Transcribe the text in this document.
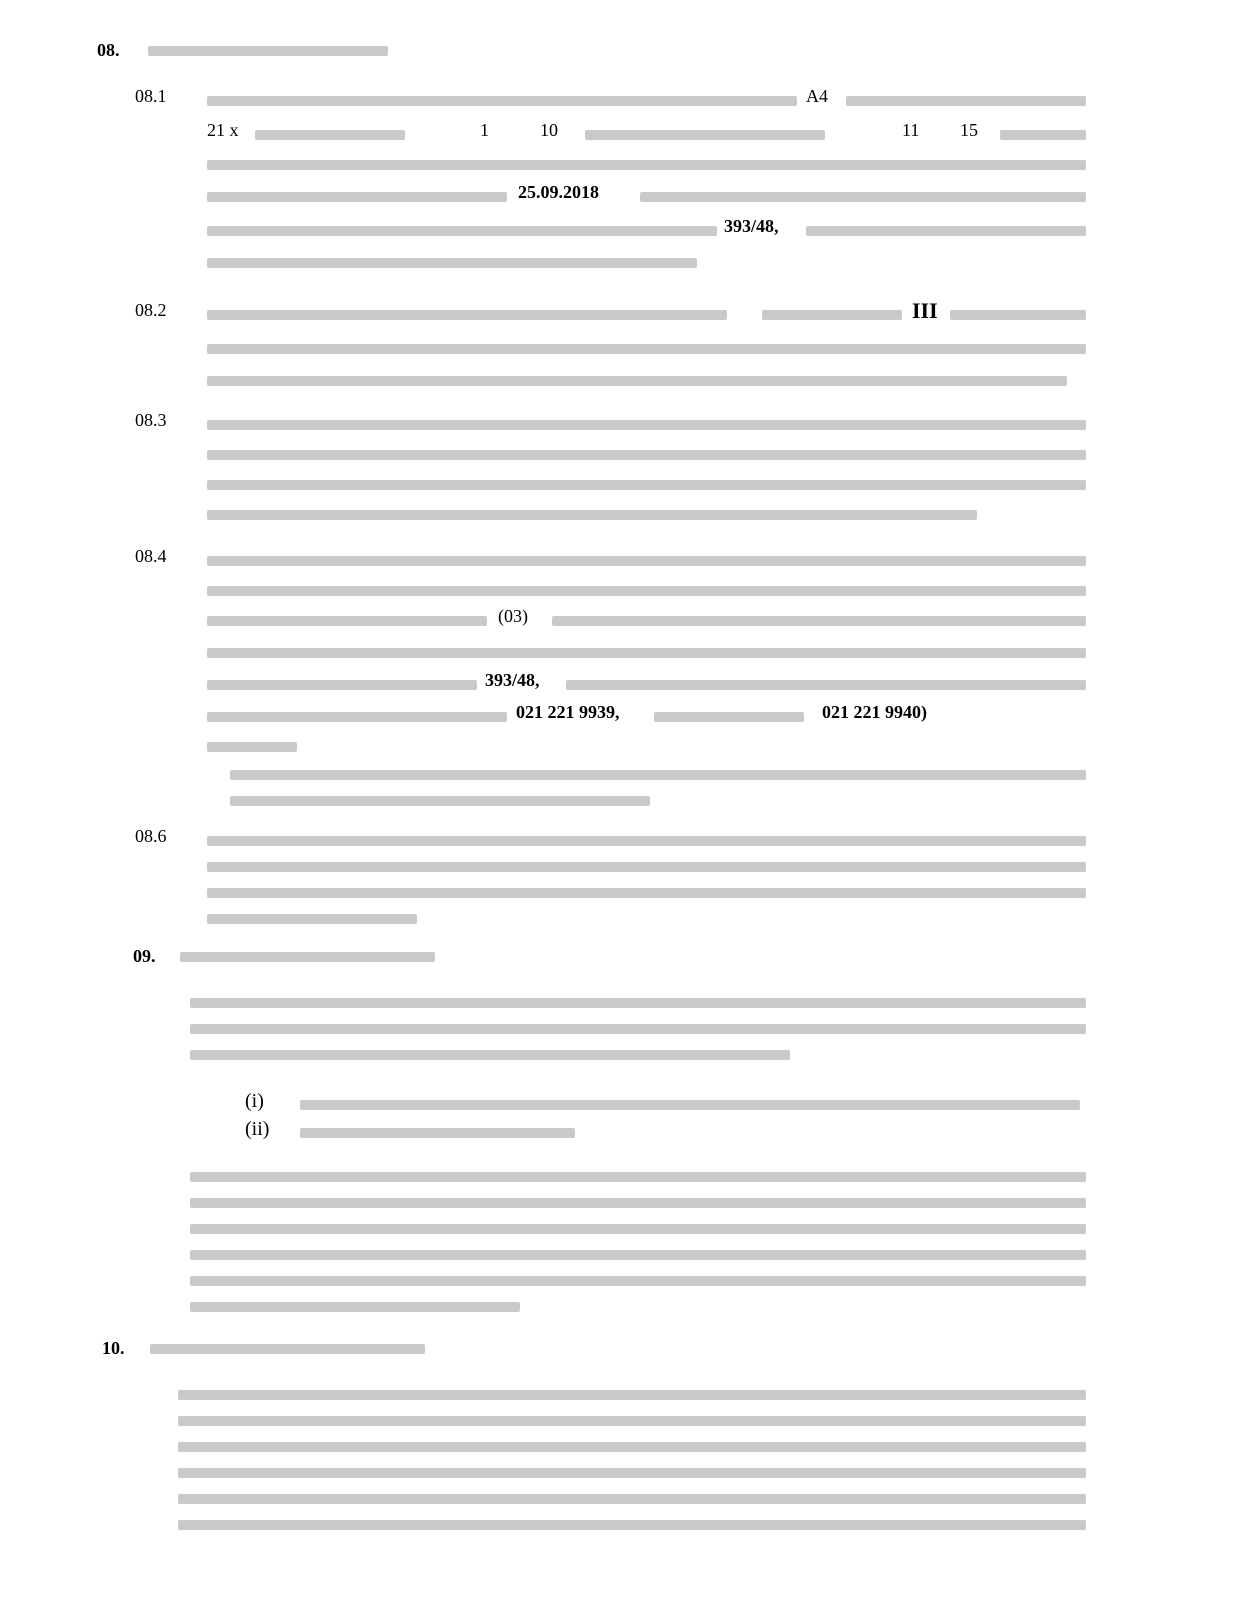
08.
08.1	A4
21 x	1	10	11 15
25.09.2018
393/48,
08.2	III
08.3
08.4
(03)
393/48,
021 221 9939,	021 221 9940)
08.6
09.
(i)
(ii)
10.
